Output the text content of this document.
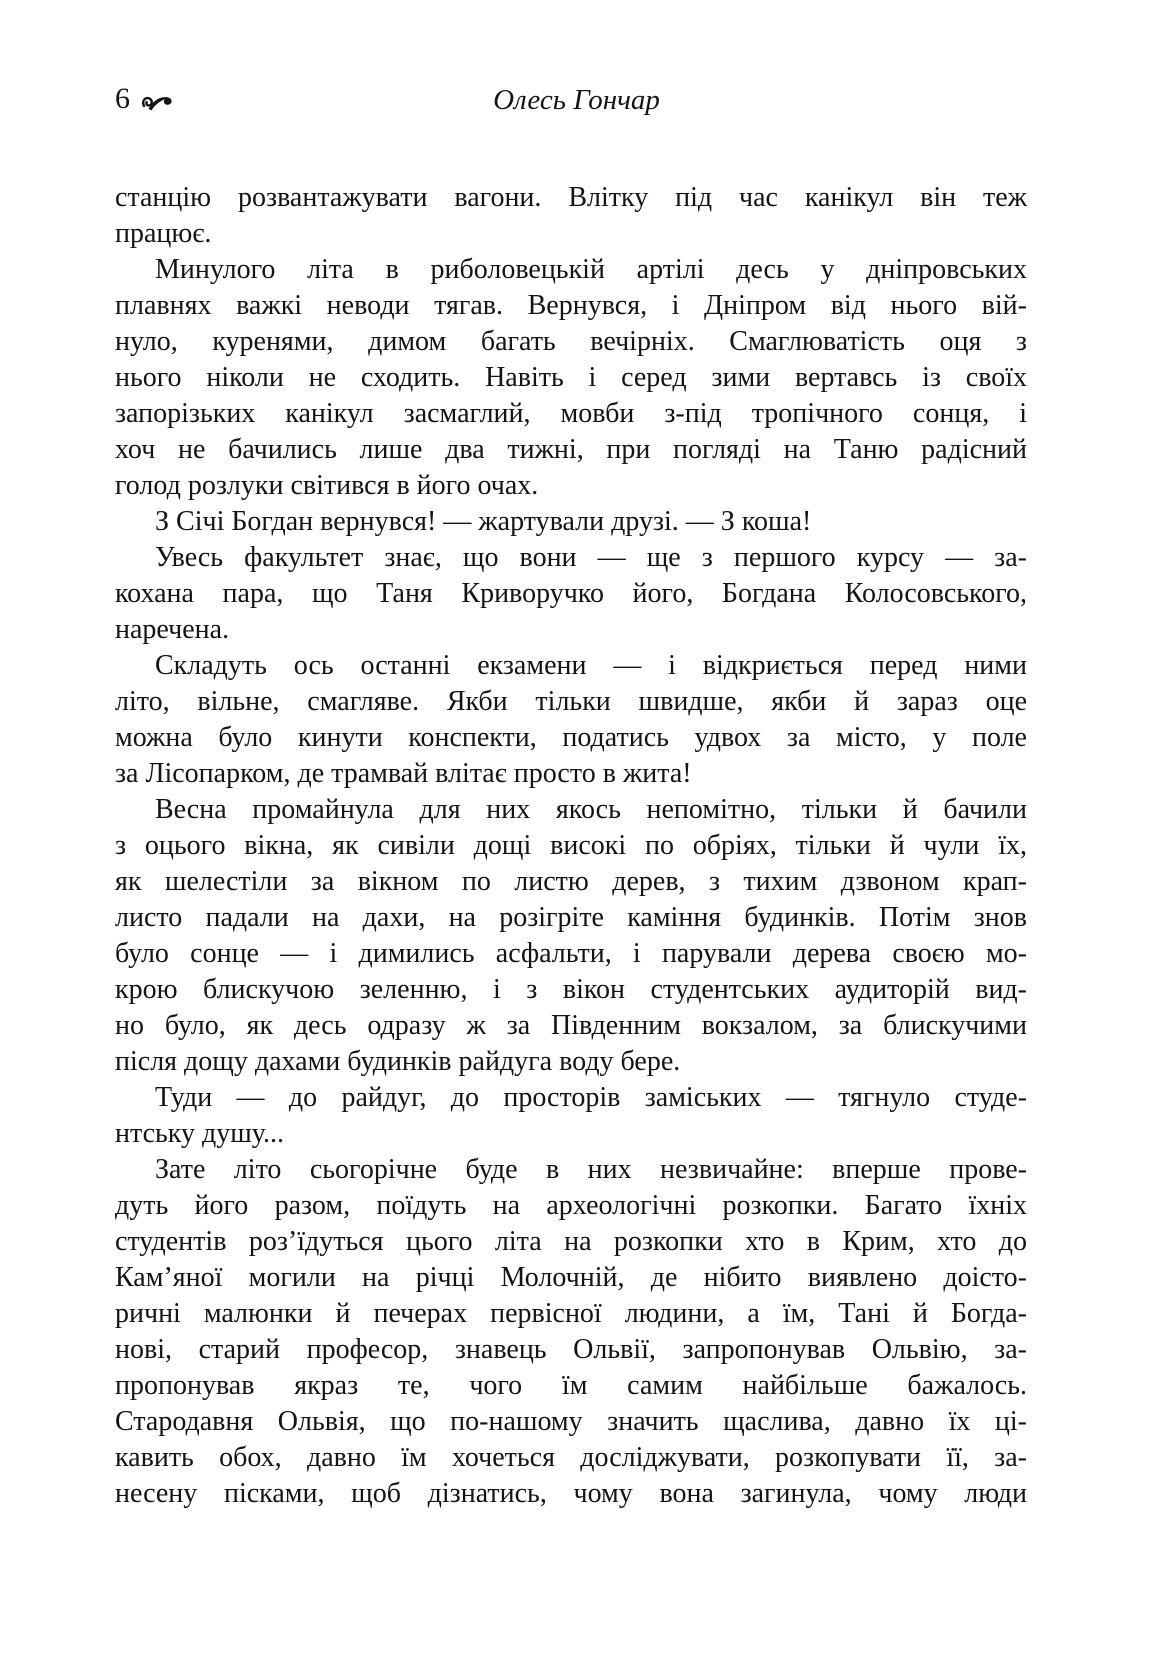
6	Олесь Гончар
станцію розвантажувати вагони. Влітку під час канікул він теж
працює.
Минулого літа в риболовецькій артілі десь у дніпровських
плавнях важкі неводи тягав. Вернувся, і Дніпром від нього вій-
нуло, куренями, димом багать вечірніх. Смаглюватість оця з
нього ніколи не сходить. Навіть і серед зими вертавсь із своїх
запорізьких канікул засмаглий, мовби з-під тропічного сонця, і
хоч не бачились лише два тижні, при погляді на Таню радісний
голод розлуки світився в його очах.
З Січі Богдан вернувся! — жартували друзі. — З коша!
Увесь факультет знає, що вони — ще з першого курсу — за-
кохана пара, що Таня Криворучко його, Богдана Колосовського,
наречена.
Складуть ось останні екзамени — і відкриється перед ними
літо, вільне, смагляве. Якби тільки швидше, якби й зараз оце
можна було кинути конспекти, податись удвох за місто, у поле
за Лісопарком, де трамвай влітає просто в жита!
Весна промайнула для них якось непомітно, тільки й бачили
з оцього вікна, як сивіли дощі високі по обріях, тільки й чули їх,
як шелестіли за вікном по листю дерев, з тихим дзвоном крап-
листо падали на дахи, на розігріте каміння будинків. Потім знов
було сонце — і димились асфальти, і парували дерева своєю мо-
крою блискучою зеленню, і з вікон студентських аудиторій вид-
но було, як десь одразу ж за Південним вокзалом, за блискучими
після дощу дахами будинків райдуга воду бере.
Туди — до райдуг, до просторів заміських — тягнуло студе-
нтську душу...
Зате літо сьогорічне буде в них незвичайне: вперше прове-
дуть його разом, поїдуть на археологічні розкопки. Багато їхніх
студентів роз’їдуться цього літа на розкопки хто в Крим, хто до
Кам’яної могили на річці Молочній, де нібито виявлено доісто-
ричні малюнки й печерах первісної людини, а їм, Тані й Богда-
нові, старий професор, знавець Ольвії, запропонував Ольвію, за-
пропонував якраз те, чого їм самим найбільше бажалось.
Стародавня Ольвія, що по-нашому значить щаслива, давно їх ці-
кавить обох, давно їм хочеться досліджувати, розкопувати її, за-
несену пісками, щоб дізнатись, чому вона загинула, чому люди
